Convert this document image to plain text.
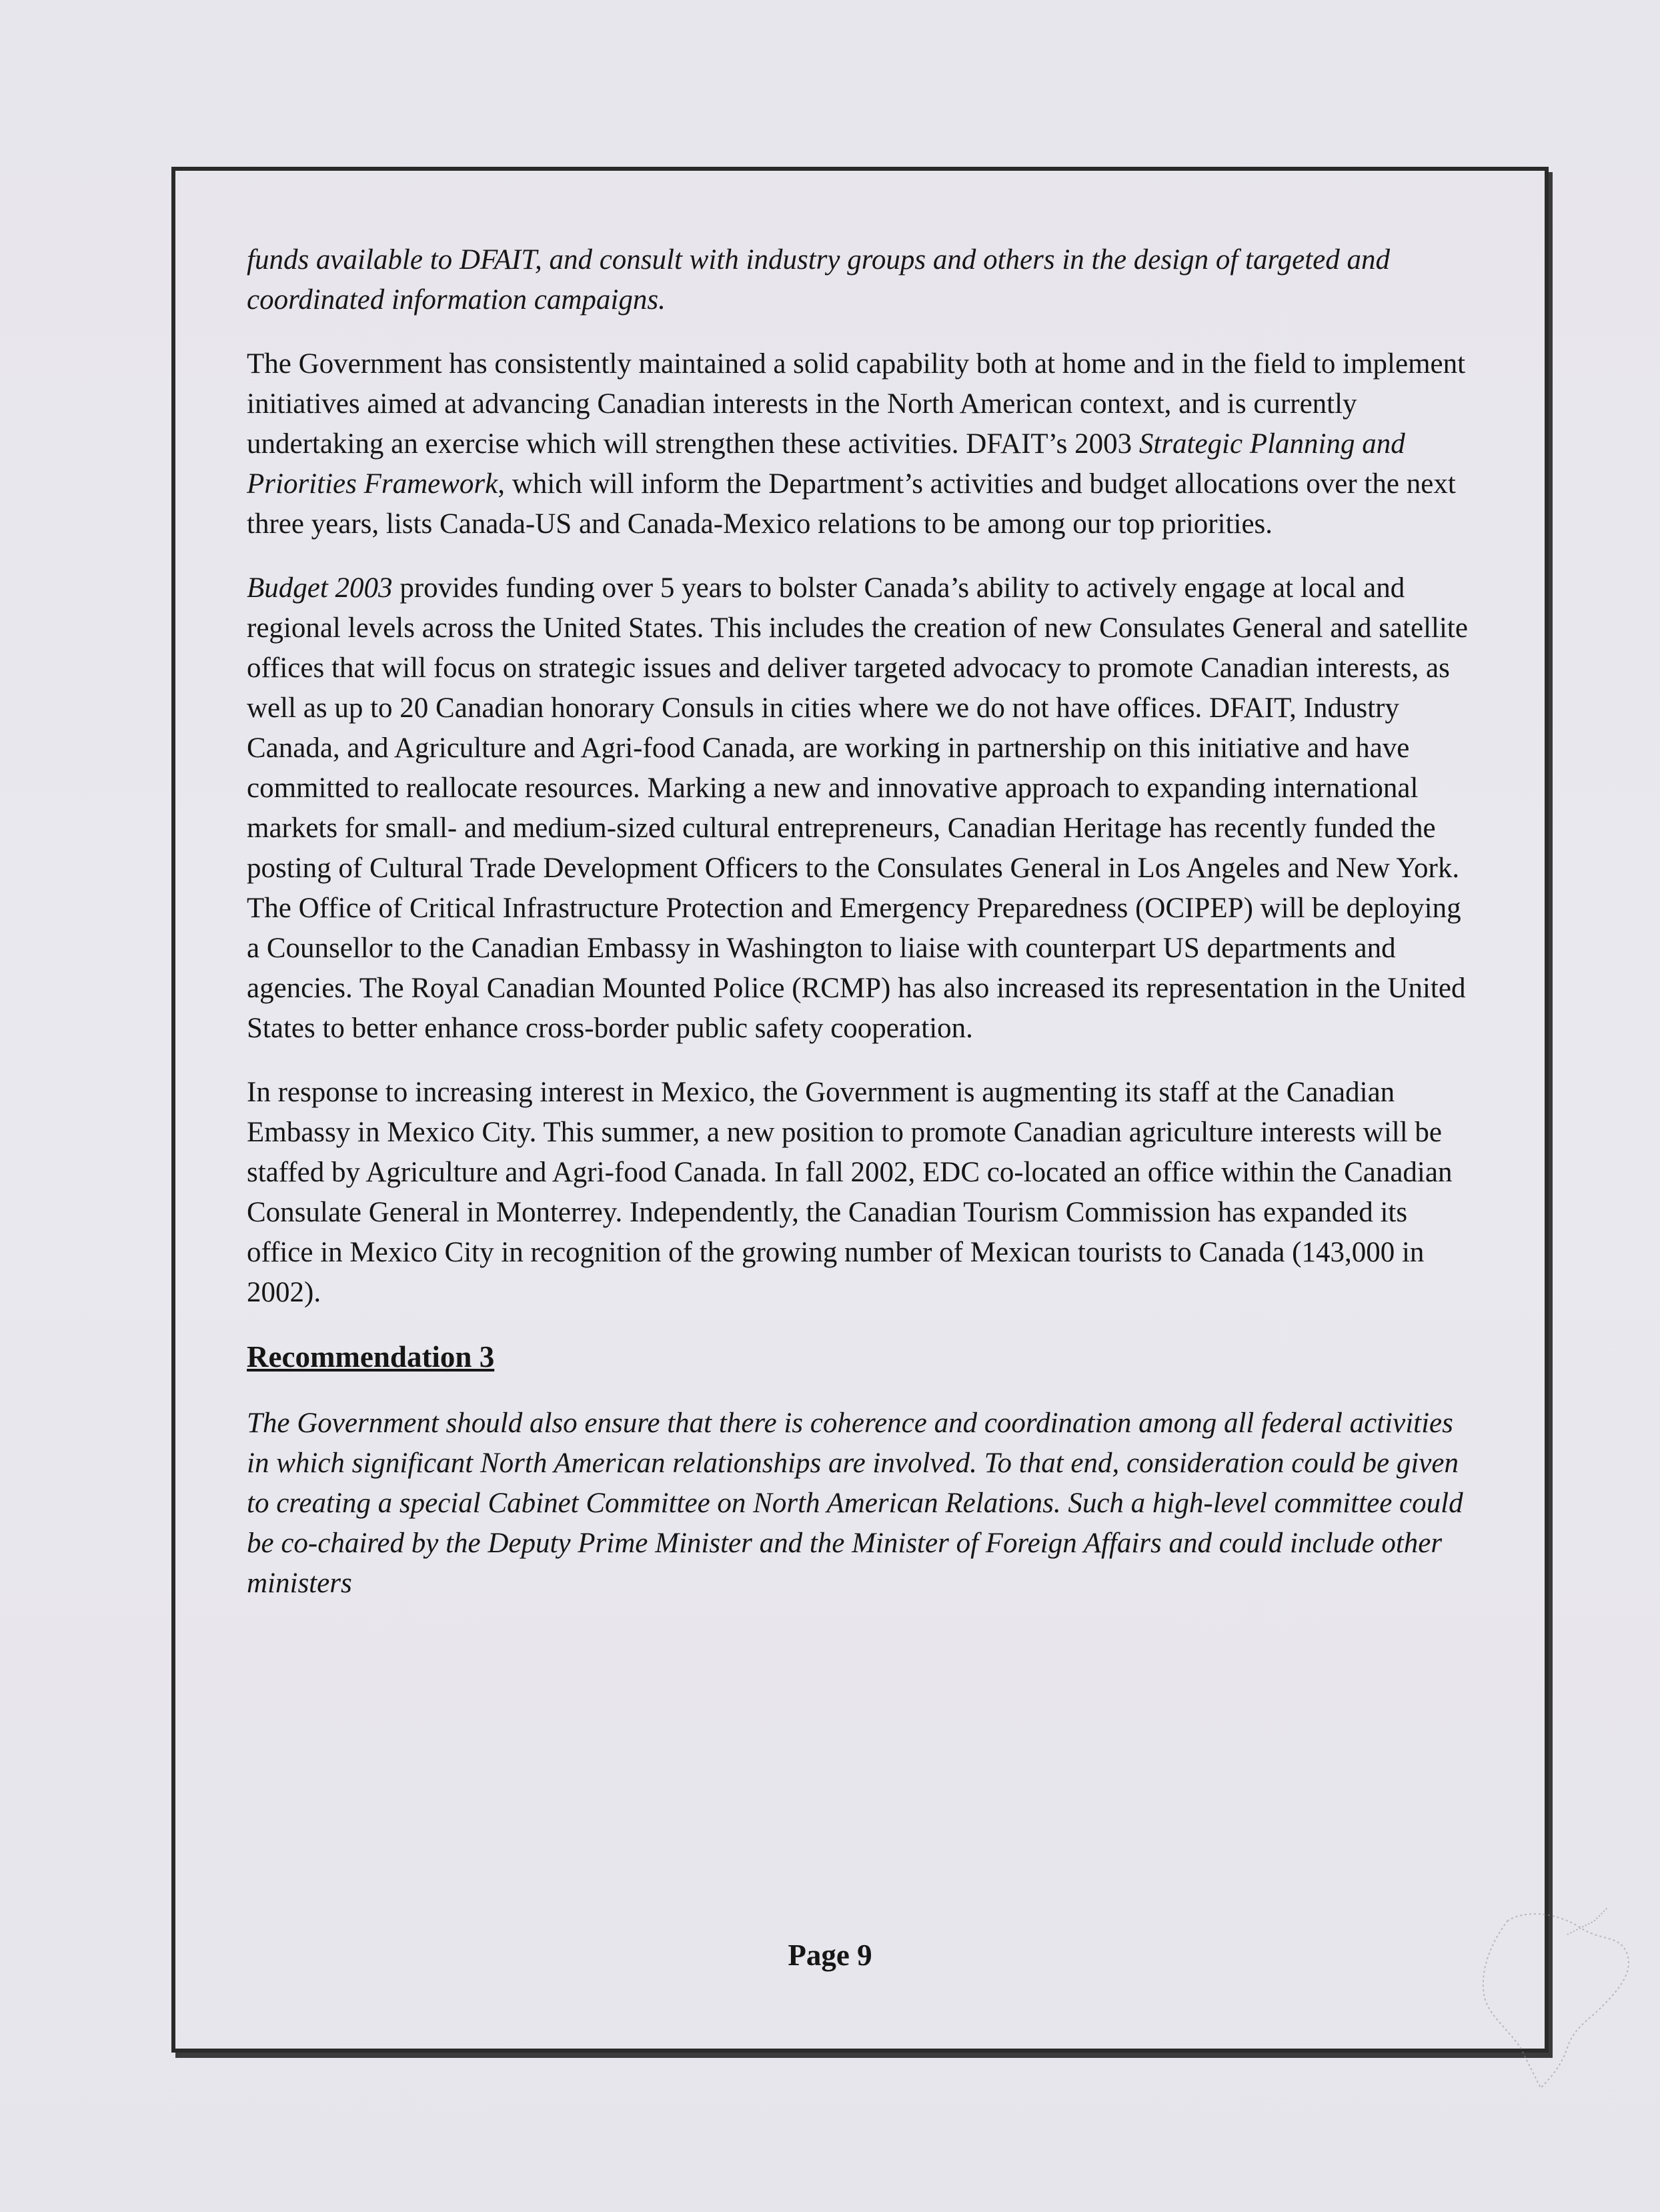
funds available to DFAIT, and consult with industry groups and others in the design of targeted and coordinated information campaigns.

The Government has consistently maintained a solid capability both at home and in the field to implement initiatives aimed at advancing Canadian interests in the North American context, and is currently undertaking an exercise which will strengthen these activities. DFAIT’s 2003 Strategic Planning and Priorities Framework, which will inform the Department’s activities and budget allocations over the next three years, lists Canada-US and Canada-Mexico relations to be among our top priorities.

Budget 2003 provides funding over 5 years to bolster Canada’s ability to actively engage at local and regional levels across the United States. This includes the creation of new Consulates General and satellite offices that will focus on strategic issues and deliver targeted advocacy to promote Canadian interests, as well as up to 20 Canadian honorary Consuls in cities where we do not have offices. DFAIT, Industry Canada, and Agriculture and Agri-food Canada, are working in partnership on this initiative and have committed to reallocate resources. Marking a new and innovative approach to expanding international markets for small- and medium-sized cultural entrepreneurs, Canadian Heritage has recently funded the posting of Cultural Trade Development Officers to the Consulates General in Los Angeles and New York. The Office of Critical Infrastructure Protection and Emergency Preparedness (OCIPEP) will be deploying a Counsellor to the Canadian Embassy in Washington to liaise with counterpart US departments and agencies. The Royal Canadian Mounted Police (RCMP) has also increased its representation in the United States to better enhance cross-border public safety cooperation.

In response to increasing interest in Mexico, the Government is augmenting its staff at the Canadian Embassy in Mexico City. This summer, a new position to promote Canadian agriculture interests will be staffed by Agriculture and Agri-food Canada. In fall 2002, EDC co-located an office within the Canadian Consulate General in Monterrey. Independently, the Canadian Tourism Commission has expanded its office in Mexico City in recognition of the growing number of Mexican tourists to Canada (143,000 in 2002).

Recommendation 3

The Government should also ensure that there is coherence and coordination among all federal activities in which significant North American relationships are involved. To that end, consideration could be given to creating a special Cabinet Committee on North American Relations. Such a high-level committee could be co-chaired by the Deputy Prime Minister and the Minister of Foreign Affairs and could include other ministers

Page 9
